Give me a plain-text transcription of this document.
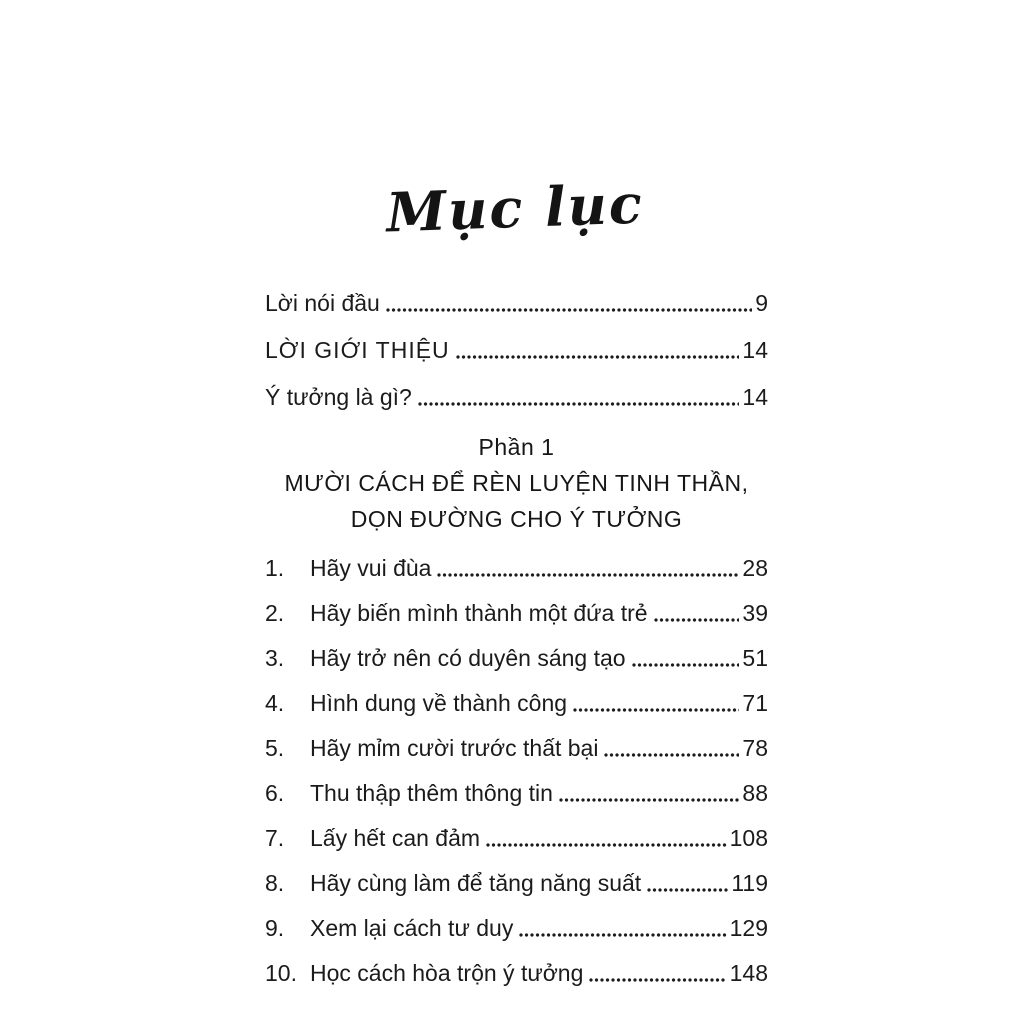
Mục lục
Lời nói đầu	9
LỜI GIỚI THIỆU	14
Ý tưởng là gì?	14
Phần 1
MƯỜI CÁCH ĐỂ RÈN LUYỆN TINH THẦN,
DỌN ĐƯỜNG CHO Ý TƯỞNG
1.	Hãy vui đùa	28
2.	Hãy biến mình thành một đứa trẻ	39
3.	Hãy trở nên có duyên sáng tạo	51
4.	Hình dung về thành công	71
5.	Hãy mỉm cười trước thất bại	78
6.	Thu thập thêm thông tin	88
7.	Lấy hết can đảm	108
8.	Hãy cùng làm để tăng năng suất	119
9.	Xem lại cách tư duy	129
10. Học cách hòa trộn ý tưởng	148
